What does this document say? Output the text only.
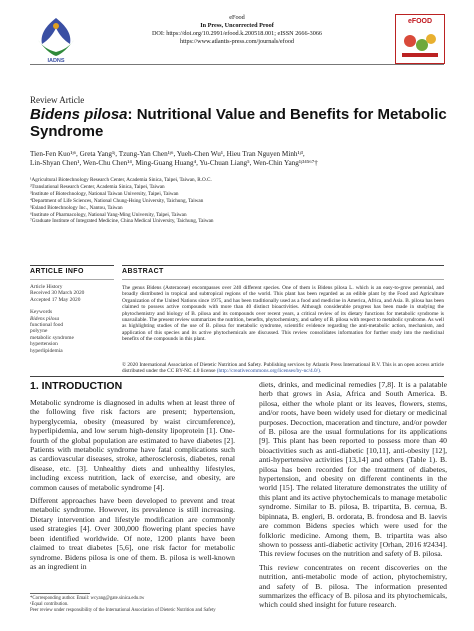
IADNS
eFood
In Press, Uncorrected Proof
DOI: https://doi.org/10.2991/efood.k.200518.001; eISSN 2666-3066
https://www.atlantis-press.com/journals/efood
eFOOD
Review Article
Bidens pilosa: Nutritional Value and Benefits for Metabolic Syndrome
Tien-Fen Kuo¹ʲ⁶, Greta Yang¹ʲ, Tzung-Yan Chen¹ʲ⁶, Yueh-Chen Wu¹, Hieu Tran Nguyen Minh¹ʲ³,
Lin-Shyan Chen¹, Wen-Chu Chen¹⁴, Ming-Guang Huang⁴, Yu-Chuan Liang⁵, Wen-Chin Yang¹ʲ³⁴⁵⁶⁷†
¹Agricultural Biotechnology Research Center, Academia Sinica, Taipei, Taiwan, R.O.C.
²Translational Research Center, Academia Sinica, Taipei, Taiwan
³Institute of Biotechnology, National Taiwan University, Taipei, Taiwan
⁴Department of Life Sciences, National Chung-Hsing University, Taichung, Taiwan
⁵Esland Biotechnology Inc., Nantou, Taiwan
⁶Institute of Pharmacology, National Yang-Ming University, Taipei, Taiwan
⁷Graduate Institute of Integrated Medicine, China Medical University, Taichung, Taiwan
ARTICLE INFO	ABSTRACT
Article History
Received 30 March 2020
Accepted 17 May 2020
Keywords
Bidens pilosa
functional food
polyyne
metabolic syndrome
hypertension
hyperlipidemia
The genus Bidens (Asteraceae) encompasses over 240 different species. One of them is Bidens pilosa L. which is an easy-to-grow perennial, and broadly distributed in tropical and subtropical regions of the world. This plant has been regarded as an edible plant by the Food and Agriculture Organization of the United Nations since 1975, and has been traditionally used as a food and medicine in America, Africa, and Asia. B. pilosa has been claimed to possess active compounds with more than 40 distinct bioactivities. Although considerable progress has been made in studying the phytochemistry and biology of B. pilosa and its compounds over recent years, a critical review of its dietary functions for metabolic syndrome is unavailable. The present review summarizes the nutrition, benefits, phytochemistry, and safety of B. pilosa with respect to metabolic syndrome. As well as highlighting studies of the use of B. pilosa for metabolic syndrome, scientific evidence regarding the anti-metabolic action, mechanism, and application of this species and its active phytochemicals are discussed. This review consolidates information for further study into the medicinal benefits of the compounds in this plant.
© 2020 International Association of Dietetic Nutrition and Safety. Publishing services by Atlantis Press International B.V. This is an open access article distributed under the CC BY-NC 4.0 license (http://creativecommons.org/licenses/by-nc/4.0/).
1. INTRODUCTION

Metabolic syndrome is diagnosed in adults when at least three of the following five risk factors are present; hypertension, hyperglycemia, obesity (measured by waist circumference), hyperlipidemia, and low serum high-density lipoprotein [1]. One-fourth of the global population are estimated to have diabetes [2]. Patients with metabolic syndrome have fatal complications such as cardiovascular diseases, stroke, atherosclerosis, diabetes, renal disease, etc. [3]. Unhealthy diets and unhealthy lifestyles, including excess nutrition, lack of exercise, and obesity, are common causes of metabolic syndrome [4].

Different approaches have been developed to prevent and treat metabolic syndrome. However, its prevalence is still increasing. Dietary intervention and lifestyle modification are commonly used strategies [4]. Over 300,000 flowering plant species have been identified worldwide. Of note, 1200 plants have been claimed to treat diabetes [5,6], one risk factor for metabolic syndrome. Bidens pilosa is one of them. B. pilosa is well-known as an ingredient in

diets, drinks, and medicinal remedies [7,8]. It is a palatable herb that grows in Asia, Africa and South America. B. pilosa, either the whole plant or its leaves, flowers, stems, and/or roots, have been widely used for dietary or medicinal purposes. Decoction, maceration and tincture, and/or powder of B. pilosa are the usual formulations for its applications [9]. This plant has been reported to possess more than 40 bioactivities such as anti-diabetic [10,11], anti-obesity [12], anti-hypertensive activities [13,14] and others (Table 1). B. pilosa has been recorded for the treatment of diabetes, hypertension, and obesity on different continents in the world [15]. The related literature demonstrates the utility of this plant and its active phytochemicals to manage metabolic syndrome. Similar to B. pilosa, B. tripartita, B. cernua, B. bipinnata, B. engleri, B. ordorata, B. frondosa and B. laevis are common Bidens species which were used for the folkloric medicine. Among them, B. tripartita was also shown to possess anti-diabetic activity [Orhan, 2016 #2434]. This review focuses on the nutrition and safety of B. pilosa.

This review concentrates on recent discoveries on the nutrition, anti-metabolic mode of action, phytochemistry, and safety of B. pilosa. The information presented summarizes the efficacy of B. pilosa and its phytochemicals, which could shed insight for future research.

*Corresponding author. Email: wcyang@gate.sinica.edu.tw
¹Equal contribution.
Peer review under responsibility of the International Association of Dietetic Nutrition and Safety
